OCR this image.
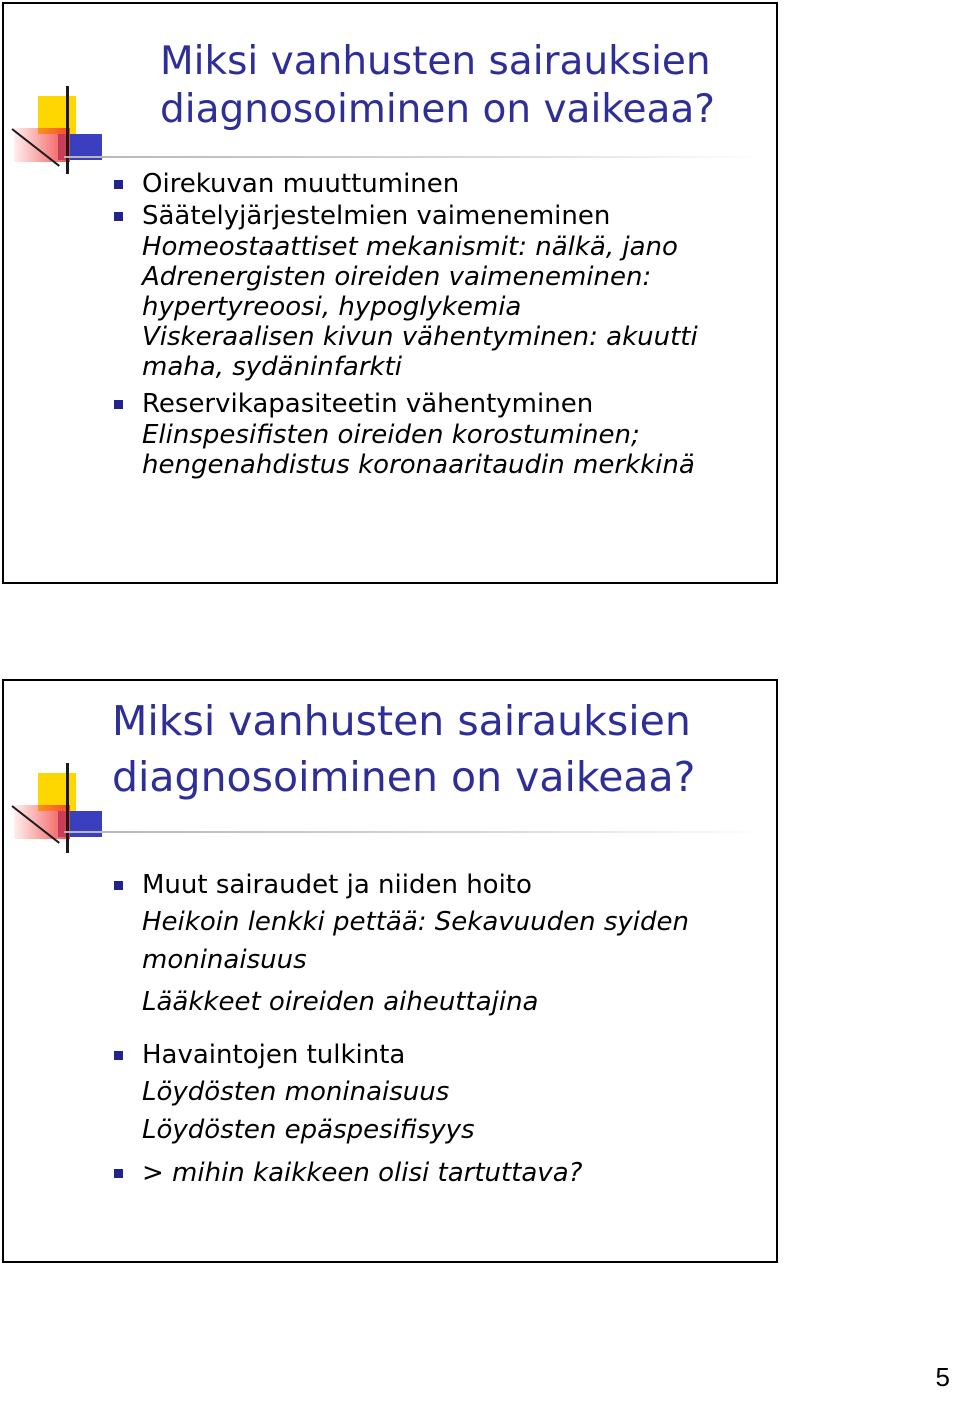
Miksi vanhusten sairauksien
diagnosoiminen on vaikeaa?
Oirekuvan muuttuminen
Säätelyjärjestelmien vaimeneminen
Homeostaattiset mekanismit: nälkä, jano
Adrenergisten oireiden vaimeneminen:
hypertyreoosi, hypoglykemia
Viskeraalisen kivun vähentyminen: akuutti
maha, sydäninfarkti
Reservikapasiteetin vähentyminen
Elinspesifisten oireiden korostuminen;
hengenahdistus koronaaritaudin merkkinä
Miksi vanhusten sairauksien
diagnosoiminen on vaikeaa?
Muut sairaudet ja niiden hoito
Heikoin lenkki pettää: Sekavuuden syiden
moninaisuus
Lääkkeet oireiden aiheuttajina
Havaintojen tulkinta
Löydösten moninaisuus
Löydösten epäspesifisyys
> mihin kaikkeen olisi tartuttava?
5
